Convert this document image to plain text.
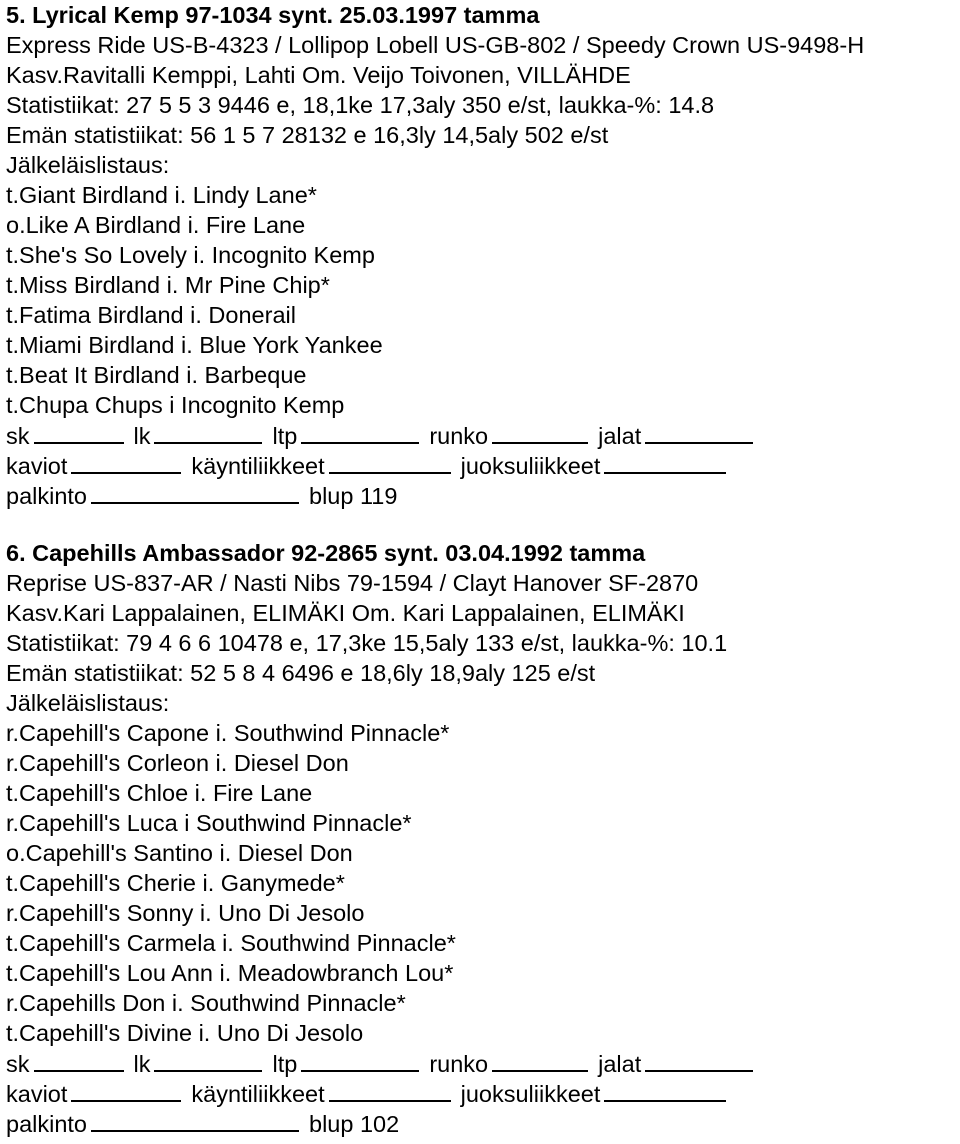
5. Lyrical Kemp 97-1034 synt. 25.03.1997 tamma
Express Ride US-B-4323 / Lollipop Lobell US-GB-802 / Speedy Crown US-9498-H
Kasv.Ravitalli Kemppi, Lahti Om. Veijo Toivonen, VILLÄHDE
Statistiikat: 27 5 5 3 9446 e, 18,1ke 17,3aly 350 e/st, laukka-%: 14.8
Emän statistiikat: 56 1 5 7 28132 e 16,3ly 14,5aly 502 e/st
Jälkeläislistaus:
t.Giant Birdland i. Lindy Lane*
o.Like A Birdland i. Fire Lane
t.She's So Lovely i. Incognito Kemp
t.Miss Birdland i. Mr Pine Chip*
t.Fatima Birdland i. Donerail
t.Miami Birdland i. Blue York Yankee
t.Beat It Birdland i. Barbeque
t.Chupa Chups i Incognito Kemp
sk	lk	ltp	runko	jalat
kaviot	käyntiliikkeet	juoksuliikkeet
palkinto	blup 119
6. Capehills Ambassador 92-2865 synt. 03.04.1992 tamma
Reprise US-837-AR / Nasti Nibs 79-1594 / Clayt Hanover SF-2870
Kasv.Kari Lappalainen, ELIMÄKI Om. Kari Lappalainen, ELIMÄKI
Statistiikat: 79 4 6 6 10478 e, 17,3ke 15,5aly 133 e/st, laukka-%: 10.1
Emän statistiikat: 52 5 8 4 6496 e 18,6ly 18,9aly 125 e/st
Jälkeläislistaus:
r.Capehill's Capone i. Southwind Pinnacle*
r.Capehill's Corleon i. Diesel Don
t.Capehill's Chloe i. Fire Lane
r.Capehill's Luca i Southwind Pinnacle*
o.Capehill's Santino i. Diesel Don
t.Capehill's Cherie i. Ganymede*
r.Capehill's Sonny i. Uno Di Jesolo
t.Capehill's Carmela i. Southwind Pinnacle*
t.Capehill's Lou Ann i. Meadowbranch Lou*
r.Capehills Don i. Southwind Pinnacle*
t.Capehill's Divine i. Uno Di Jesolo
sk	lk	ltp	runko	jalat
kaviot	käyntiliikkeet	juoksuliikkeet
palkinto	blup 102
